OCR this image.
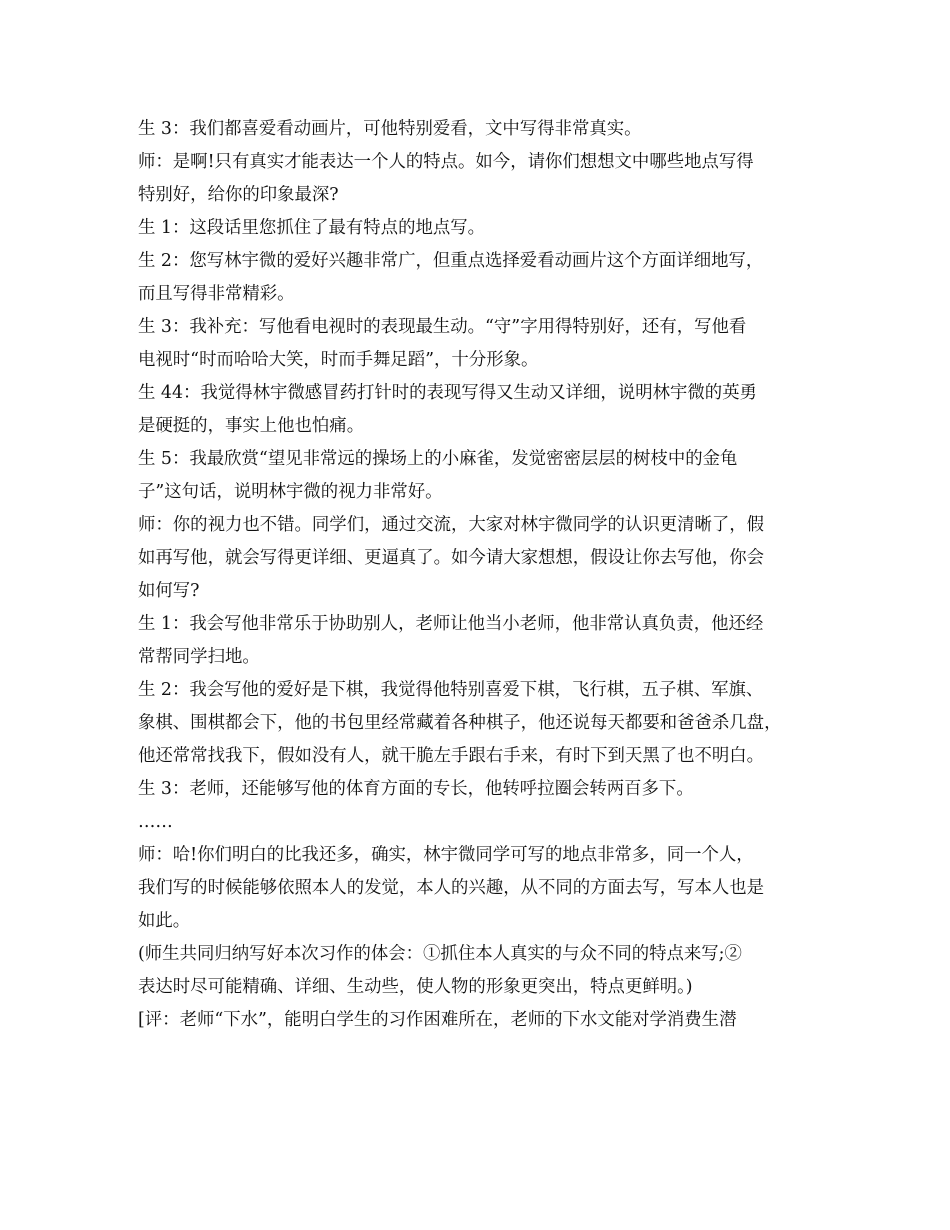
生 3：我们都喜爱看动画片，可他特别爱看，文中写得非常真实。
师：是啊!只有真实才能表达一个人的特点。如今，请你们想想文中哪些地点写得
特别好，给你的印象最深?
生 1：这段话里您抓住了最有特点的地点写。
生 2：您写林宇微的爱好兴趣非常广，但重点选择爱看动画片这个方面详细地写，
而且写得非常精彩。
生 3：我补充：写他看电视时的表现最生动。“守”字用得特别好，还有，写他看
电视时“时而哈哈大笑，时而手舞足蹈”，十分形象。
生 44：我觉得林宇微感冒药打针时的表现写得又生动又详细，说明林宇微的英勇
是硬挺的，事实上他也怕痛。
生 5：我最欣赏“望见非常远的操场上的小麻雀，发觉密密层层的树枝中的金龟
子”这句话，说明林宇微的视力非常好。
师：你的视力也不错。同学们，通过交流，大家对林宇微同学的认识更清晰了，假
如再写他，就会写得更详细、更逼真了。如今请大家想想，假设让你去写他，你会
如何写?
生 1：我会写他非常乐于协助别人，老师让他当小老师，他非常认真负责，他还经
常帮同学扫地。
生 2：我会写他的爱好是下棋，我觉得他特别喜爱下棋，飞行棋，五子棋、军旗、
象棋、围棋都会下，他的书包里经常藏着各种棋子，他还说每天都要和爸爸杀几盘，
他还常常找我下，假如没有人，就干脆左手跟右手来，有时下到天黑了也不明白。
生 3：老师，还能够写他的体育方面的专长，他转呼拉圈会转两百多下。
……
师：哈!你们明白的比我还多，确实，林宇微同学可写的地点非常多，同一个人，
我们写的时候能够依照本人的发觉，本人的兴趣，从不同的方面去写，写本人也是
如此。
(师生共同归纳写好本次习作的体会：①抓住本人真实的与众不同的特点来写;②
表达时尽可能精确、详细、生动些，使人物的形象更突出，特点更鲜明。)
[评：老师“下水”，能明白学生的习作困难所在，老师的下水文能对学消费生潜
